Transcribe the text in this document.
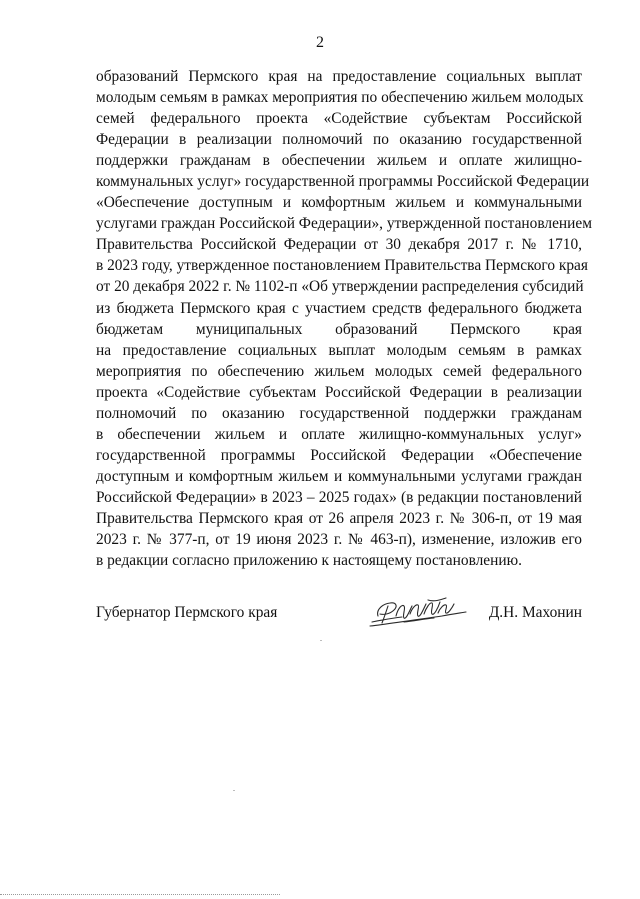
2
образований Пермского края на предоставление социальных выплат
молодым семьям в рамках мероприятия по обеспечению жильем молодых
семей федерального проекта «Содействие субъектам Российской
Федерации в реализации полномочий по оказанию государственной
поддержки гражданам в обеспечении жильем и оплате жилищно-
коммунальных услуг» государственной программы Российской Федерации
«Обеспечение доступным и комфортным жильем и коммунальными
услугами граждан Российской Федерации», утвержденной постановлением
Правительства Российской Федерации от 30 декабря 2017 г. № 1710,
в 2023 году, утвержденное постановлением Правительства Пермского края
от 20 декабря 2022 г. № 1102-п «Об утверждении распределения субсидий
из бюджета Пермского края с участием средств федерального бюджета
бюджетам муниципальных образований Пермского края
на предоставление социальных выплат молодым семьям в рамках
мероприятия по обеспечению жильем молодых семей федерального
проекта «Содействие субъектам Российской Федерации в реализации
полномочий по оказанию государственной поддержки гражданам
в обеспечении жильем и оплате жилищно-коммунальных услуг»
государственной программы Российской Федерации «Обеспечение
доступным и комфортным жильем и коммунальными услугами граждан
Российской Федерации» в 2023 – 2025 годах» (в редакции постановлений
Правительства Пермского края от 26 апреля 2023 г. № 306-п, от 19 мая
2023 г. № 377-п, от 19 июня 2023 г. № 463-п), изменение, изложив его
в редакции согласно приложению к настоящему постановлению.
Губернатор Пермского края	Д.Н. Махонин
